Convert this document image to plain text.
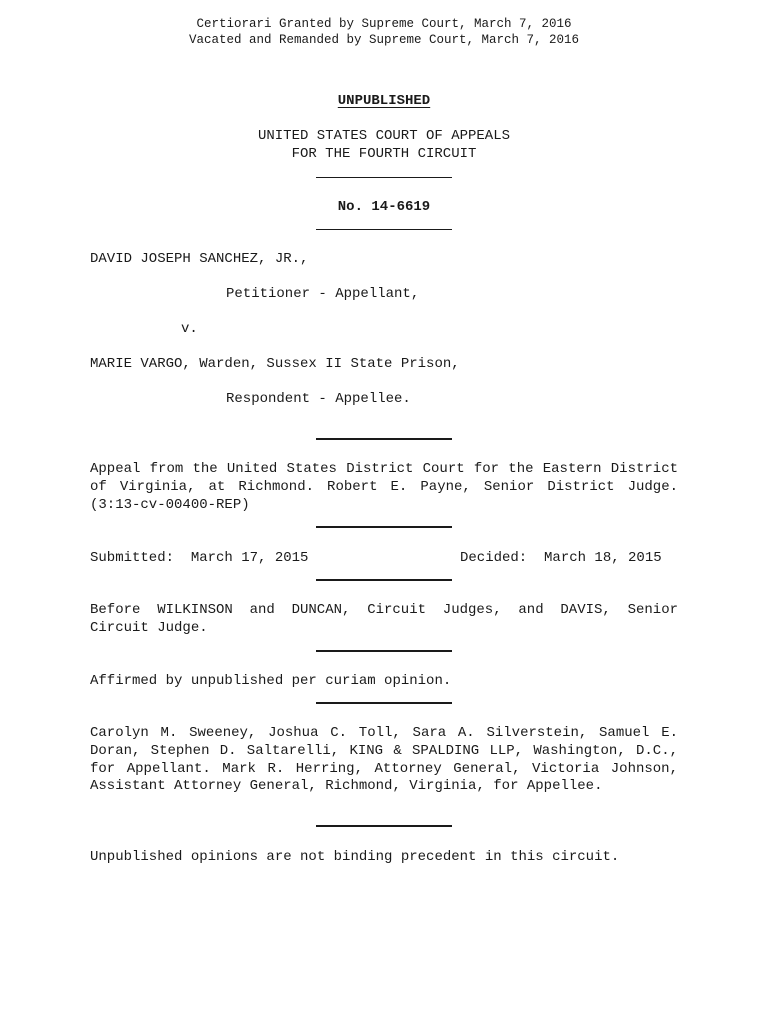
Certiorari Granted by Supreme Court, March 7, 2016
Vacated and Remanded by Supreme Court, March 7, 2016
UNPUBLISHED
UNITED STATES COURT OF APPEALS
FOR THE FOURTH CIRCUIT
No. 14-6619
DAVID JOSEPH SANCHEZ, JR.,
Petitioner - Appellant,
v.
MARIE VARGO, Warden, Sussex II State Prison,
Respondent - Appellee.
Appeal from the United States District Court for the Eastern District of Virginia, at Richmond. Robert E. Payne, Senior District Judge. (3:13-cv-00400-REP)
Submitted:  March 17, 2015	Decided:  March 18, 2015
Before WILKINSON and DUNCAN, Circuit Judges, and DAVIS, Senior Circuit Judge.
Affirmed by unpublished per curiam opinion.
Carolyn M. Sweeney, Joshua C. Toll, Sara A. Silverstein, Samuel E. Doran, Stephen D. Saltarelli, KING & SPALDING LLP, Washington, D.C., for Appellant. Mark R. Herring, Attorney General, Victoria Johnson, Assistant Attorney General, Richmond, Virginia, for Appellee.
Unpublished opinions are not binding precedent in this circuit.
